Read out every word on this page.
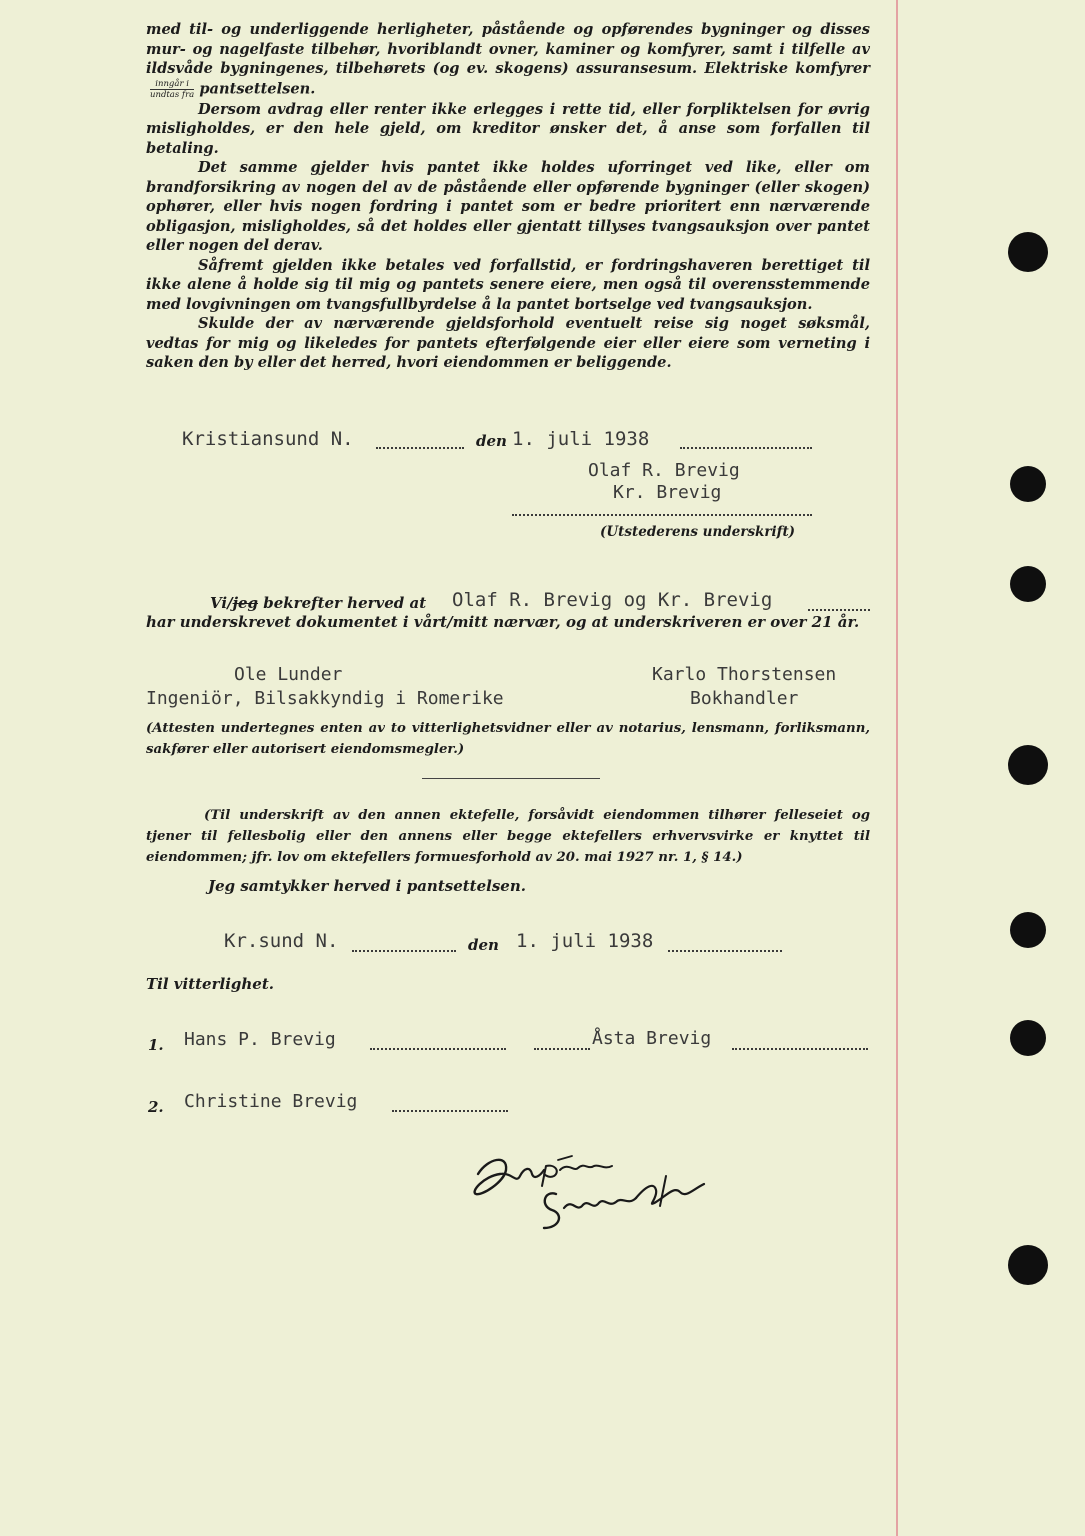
med til- og underliggende herligheter, påstående og opførendes bygninger og disses mur- og nagelfaste tilbehør, hvoriblandt ovner, kaminer og komfyrer, samt i tilfelle av ildsvåde bygningenes, tilbehørets (og ev. skogens) assuransesum. Elektriske komfyrer
$\frac{\text{inngår i}}{\text{undtas fra}}$ pantsettelsen.

Dersom avdrag eller renter ikke erlegges i rette tid, eller forpliktelsen for øvrig misligholdes, er den hele gjeld, om kreditor ønsker det, å anse som forfallen til betaling.

Det samme gjelder hvis pantet ikke holdes uforringet ved like, eller om brandforsikring av nogen del av de påstående eller opførende bygninger (eller skogen) ophører, eller hvis nogen fordring i pantet som er bedre prioritert enn nærværende obligasjon, misligholdes, så det holdes eller gjentatt tillyses tvangsauksjon over pantet eller nogen del derav.

Såfremt gjelden ikke betales ved forfallstid, er fordringshaveren berettiget til ikke alene å holde sig til mig og pantets senere eiere, men også til overensstemmende med lovgivningen om tvangsfullbyrdelse å la pantet bortselge ved tvangsauksjon.

Skulde der av nærværende gjeldsforhold eventuelt reise sig noget søksmål, vedtas for mig og likeledes for pantets efterfølgende eier eller eiere som verneting i saken den by eller det herred, hvori eiendommen er beliggende.

Kristiansund N.	den 1. juli 1938
Olaf R. Brevig
Kr. Brevig
(Utstederens underskrift)
Vi/jeg bekrefter herved at Olaf R. Brevig og Kr. Brevig
har underskrevet dokumentet i vårt/mitt nærvær, og at underskriveren er over 21 år.
Ole Lunder
Ingeniör, Bilsakkyndig i Romerike
Karlo Thorstensen
Bokhandler
(Attesten undertegnes enten av to vitterlighetsvidner eller av notarius, lensmann, forliksmann, sakfører eller autorisert eiendomsmegler.)
(Til underskrift av den annen ektefelle, forsåvidt eiendommen tilhører felleseiet og tjener til fellesbolig eller den annens eller begge ektefellers erhvervsvirke er knyttet til eiendommen; jfr. lov om ektefellers formuesforhold av 20. mai 1927 nr. 1, § 14.)
Jeg samtykker herved i pantsettelsen.
Kr.sund N.	den 1. juli 1938
Til vitterlighet.
1. Hans P. Brevig	Åsta Brevig
2. Christine Brevig
